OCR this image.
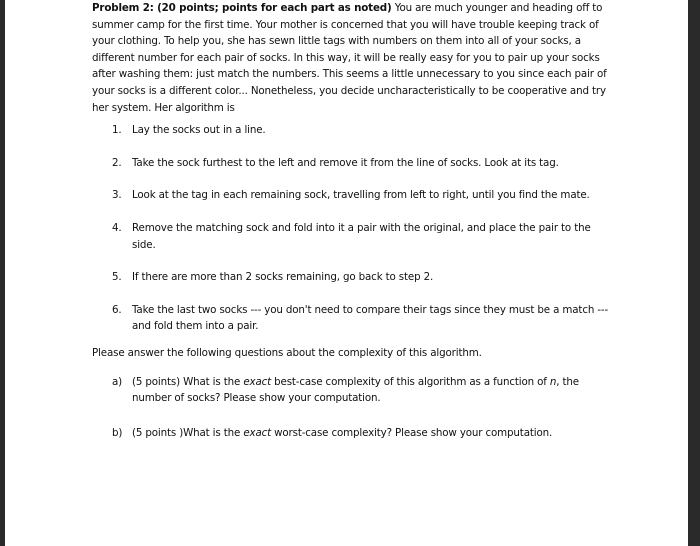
Problem 2: (20 points; points for each part as noted) You are much younger and heading off to summer camp for the first time. Your mother is concerned that you will have trouble keeping track of your clothing. To help you, she has sewn little tags with numbers on them into all of your socks, a different number for each pair of socks. In this way, it will be really easy for you to pair up your socks after washing them: just match the numbers. This seems a little unnecessary to you since each pair of your socks is a different color... Nonetheless, you decide uncharacteristically to be cooperative and try her system. Her algorithm is

1. Lay the socks out in a line.
2. Take the sock furthest to the left and remove it from the line of socks. Look at its tag.
3. Look at the tag in each remaining sock, travelling from left to right, until you find the mate.
4. Remove the matching sock and fold into it a pair with the original, and place the pair to the side.
5. If there are more than 2 socks remaining, go back to step 2.
6. Take the last two socks --- you don't need to compare their tags since they must be a match --- and fold them into a pair.

Please answer the following questions about the complexity of this algorithm.

a) (5 points) What is the exact best-case complexity of this algorithm as a function of n, the number of socks? Please show your computation.
b) (5 points )What is the exact worst-case complexity? Please show your computation.
